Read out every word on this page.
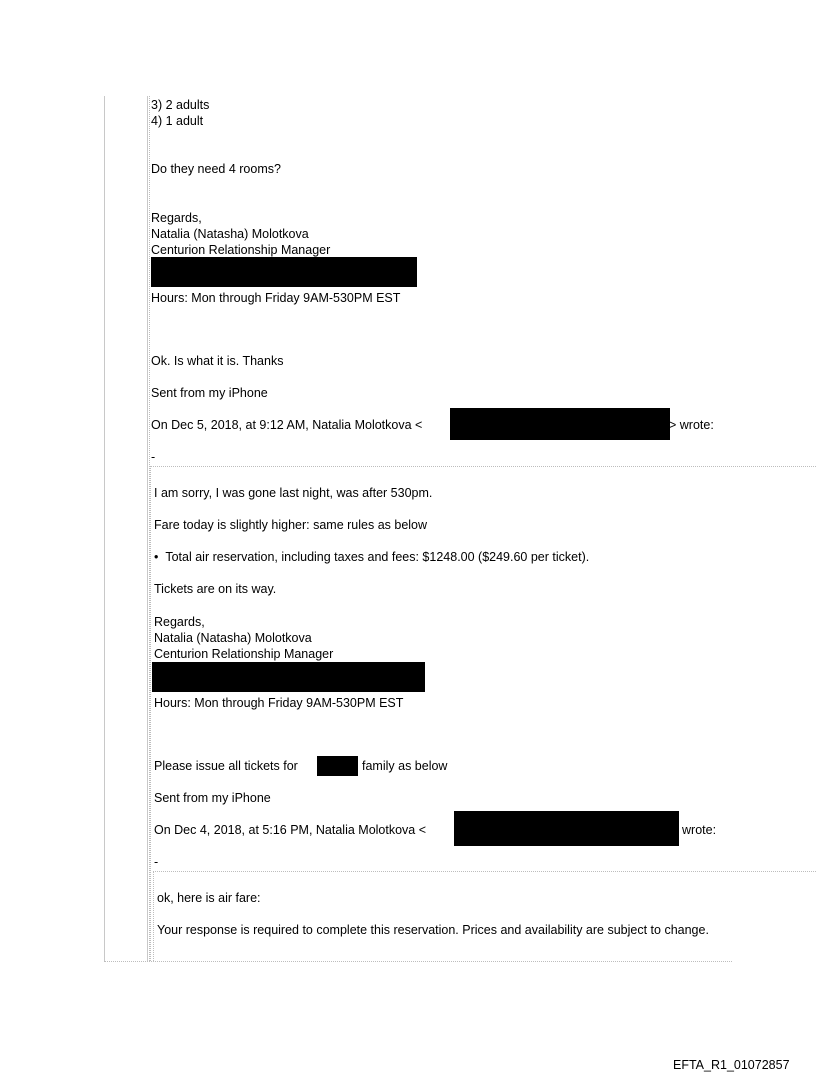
3) 2 adults
4) 1 adult
Do they need 4 rooms?
Regards,
Natalia (Natasha) Molotkova
Centurion Relationship Manager
Hours: Mon through Friday 9AM-530PM EST
Ok. Is what it is. Thanks
Sent from my iPhone
On Dec 5, 2018, at 9:12 AM, Natalia Molotkova <	> wrote:
-
I am sorry, I was gone last night, was after 530pm.
Fare today is slightly higher: same rules as below
• Total air reservation, including taxes and fees: $1248.00 ($249.60 per ticket).
Tickets are on its way.
Regards,
Natalia (Natasha) Molotkova
Centurion Relationship Manager
Hours: Mon through Friday 9AM-530PM EST
Please issue all tickets for	family as below
Sent from my iPhone
On Dec 4, 2018, at 5:16 PM, Natalia Molotkova <	wrote:
-
ok, here is air fare:
Your response is required to complete this reservation. Prices and availability are subject to change.
EFTA_R1_01072857
